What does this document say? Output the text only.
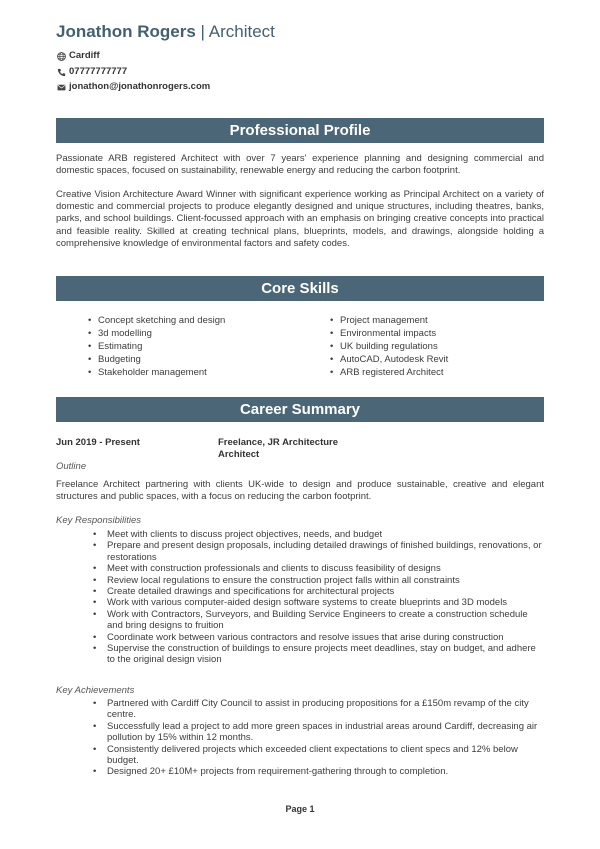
Jonathon Rogers | Architect
Cardiff
07777777777
jonathon@jonathonrogers.com
Professional Profile

Passionate ARB registered Architect with over 7 years' experience planning and designing commercial and domestic spaces, focused on sustainability, renewable energy and reducing the carbon footprint.

Creative Vision Architecture Award Winner with significant experience working as Principal Architect on a variety of domestic and commercial projects to produce elegantly designed and unique structures, including theatres, banks, parks, and school buildings. Client-focussed approach with an emphasis on bringing creative concepts into practical and feasible reality. Skilled at creating technical plans, blueprints, models, and drawings, alongside holding a comprehensive knowledge of environmental factors and safety codes.

Core Skills
• Concept sketching and design
• 3d modelling
• Estimating
• Budgeting
• Stakeholder management
• Project management
• Environmental impacts
• UK building regulations
• AutoCAD, Autodesk Revit
• ARB registered Architect
Career Summary
Jun 2019 - Present	Freelance, JR Architecture Architect
Outline

Freelance Architect partnering with clients UK-wide to design and produce sustainable, creative and elegant structures and public spaces, with a focus on reducing the carbon footprint.

Key Responsibilities
• Meet with clients to discuss project objectives, needs, and budget
• Prepare and present design proposals, including detailed drawings of finished buildings, renovations, or restorations
• Meet with construction professionals and clients to discuss feasibility of designs
• Review local regulations to ensure the construction project falls within all constraints
• Create detailed drawings and specifications for architectural projects
• Work with various computer-aided design software systems to create blueprints and 3D models
• Work with Contractors, Surveyors, and Building Service Engineers to create a construction schedule and bring designs to fruition
• Coordinate work between various contractors and resolve issues that arise during construction
• Supervise the construction of buildings to ensure projects meet deadlines, stay on budget, and adhere to the original design vision
Key Achievements
• Partnered with Cardiff City Council to assist in producing propositions for a £150m revamp of the city centre.
• Successfully lead a project to add more green spaces in industrial areas around Cardiff, decreasing air pollution by 15% within 12 months.
• Consistently delivered projects which exceeded client expectations to client specs and 12% below budget.
• Designed 20+ £10M+ projects from requirement-gathering through to completion.
Page 1
